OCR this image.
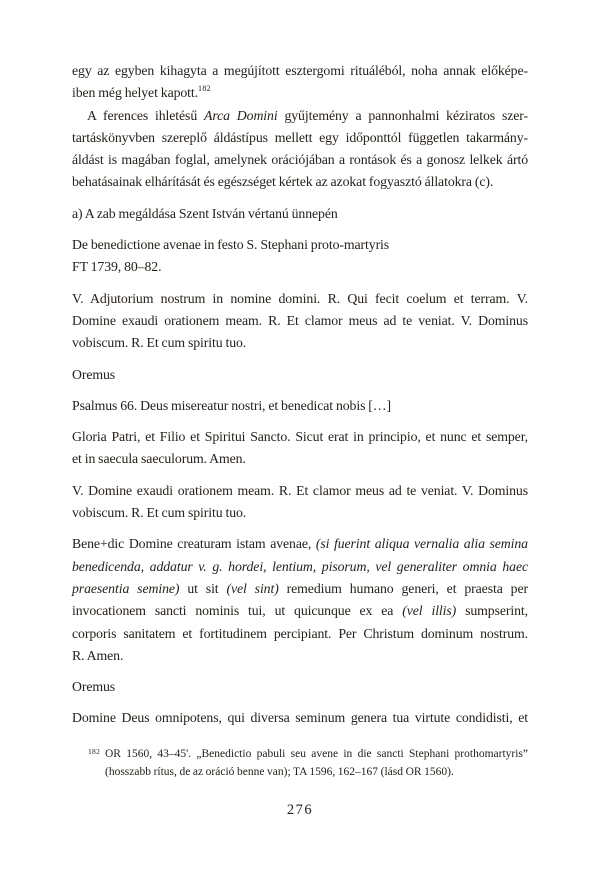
egy az egyben kihagyta a megújított esztergomi rituáléból, noha annak előképe-
iben még helyet kapott.$^{182}$
A ferences ihletésű Arca Domini gyűjtemény a pannonhalmi kéziratos szer-
tartáskönyvben szereplő áldástípus mellett egy időponttól független takarmány-
áldást is magában foglal, amelynek orációjában a rontások és a gonosz lelkek ártó
behatásainak elhárítását és egészséget kértek az azokat fogyasztó állatokra (c).
a) A zab megáldása Szent István vértanú ünnepén
De benedictione avenae in festo S. Stephani proto-martyris
FT 1739, 80–82.
V. Adjutorium nostrum in nomine domini. R. Qui fecit coelum et terram. V.
Domine exaudi orationem meam. R. Et clamor meus ad te veniat. V. Dominus
vobiscum. R. Et cum spiritu tuo.
Oremus
Psalmus 66. Deus misereatur nostri, et benedicat nobis […]
Gloria Patri, et Filio et Spiritui Sancto. Sicut erat in principio, et nunc et semper,
et in saecula saeculorum. Amen.
V. Domine exaudi orationem meam. R. Et clamor meus ad te veniat. V. Dominus
vobiscum. R. Et cum spiritu tuo.
Bene+dic Domine creaturam istam avenae, (si fuerint aliqua vernalia alia semina
benedicenda, addatur v. g. hordei, lentium, pisorum, vel generaliter omnia haec
praesentia semine) ut sit (vel sint) remedium humano generi, et praesta per
invocationem sancti nominis tui, ut quicunque ex ea (vel illis) sumpserint,
corporis sanitatem et fortitudinem percipiant. Per Christum dominum nostrum.
R. Amen.
Oremus
Domine Deus omnipotens, qui diversa seminum genera tua virtute condidisti, et
182 OR 1560, 43–45'. „Benedictio pabuli seu avene in die sancti Stephani prothomartyris”
(hosszabb rítus, de az oráció benne van); TA 1596, 162–167 (lásd OR 1560).
276
